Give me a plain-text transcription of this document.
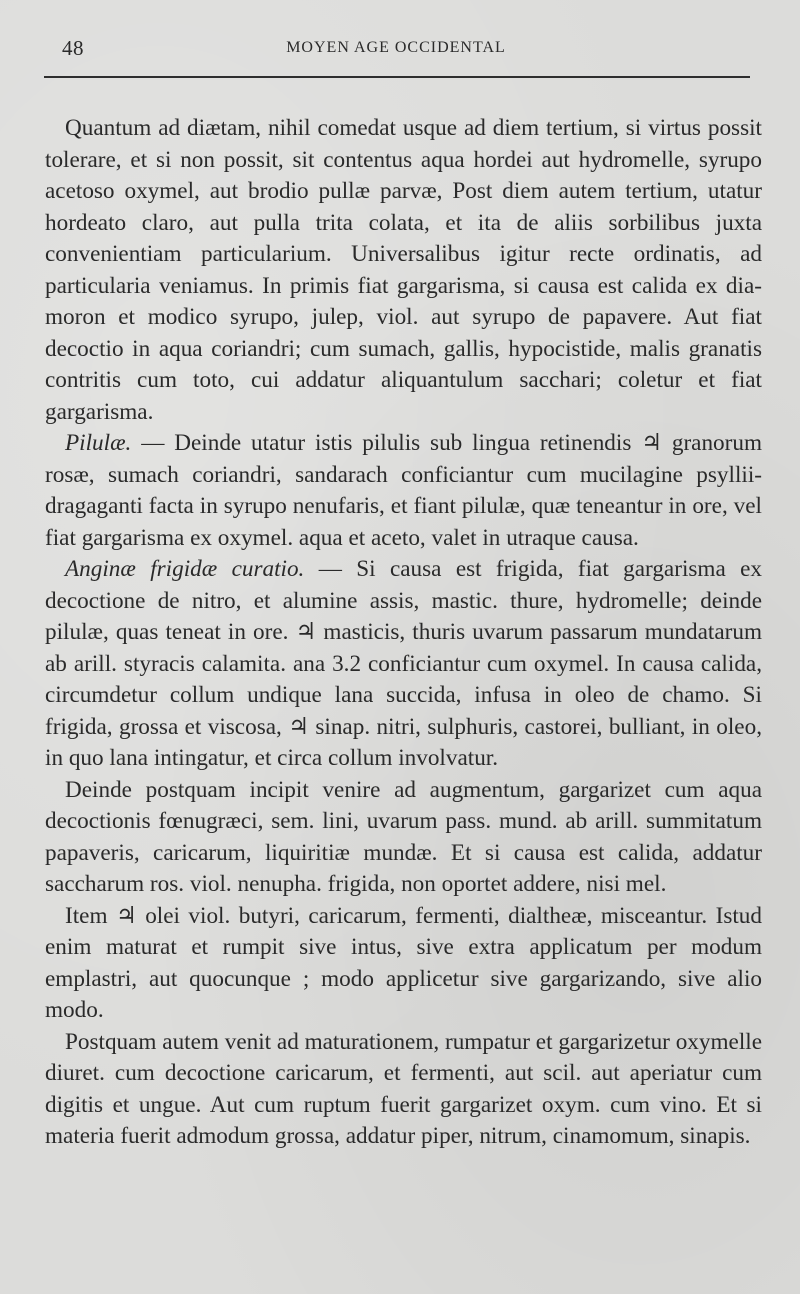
48	MOYEN AGE OCCIDENTAL

Quantum ad diætam, nihil comedat usque ad diem tertium, si virtus possit tolerare, et si non possit, sit contentus aqua hordei aut hydromelle, syrupo acetoso oxymel, aut brodio pullæ parvæ, Post diem autem tertium, utatur hordeato claro, aut pulla trita colata, et ita de aliis sorbilibus juxta convenientiam particularium. Universalibus igitur recte ordinatis, ad particularia veniamus. In primis fiat gargarisma, si causa est calida ex diamoron et modico syrupo, julep, viol. aut syrupo de papavere. Aut fiat decoctio in aqua coriandri; cum sumach, gallis, hypocistide, malis granatis contritis cum toto, cui addatur aliquantulum sacchari; coletur et fiat gargarisma.

Pilulæ. — Deinde utatur istis pilulis sub lingua retinendis ♃ granorum rosæ, sumach coriandri, sandarach conficiantur cum mucilagine psyllii-dragaganti facta in syrupo nenufaris, et fiant pilulæ, quæ teneantur in ore, vel fiat gargarisma ex oxymel. aqua et aceto, valet in utraque causa.

Anginæ frigidæ curatio. — Si causa est frigida, fiat gargarisma ex decoctione de nitro, et alumine assis, mastic. thure, hydromelle; deinde pilulæ, quas teneat in ore. ♃ masticis, thuris uvarum passarum mundatarum ab arill. styracis calamita. ana 3.2 conficiantur cum oxymel. In causa calida, circumdetur collum undique lana succida, infusa in oleo de chamo. Si frigida, grossa et viscosa, ♃ sinap. nitri, sulphuris, castorei, bulliant, in oleo, in quo lana intingatur, et circa collum involvatur.

Deinde postquam incipit venire ad augmentum, gargarizet cum aqua decoctionis fœnugræci, sem. lini, uvarum pass. mund. ab arill. summitatum papaveris, caricarum, liquiritiæ mundæ. Et si causa est calida, addatur saccharum ros. viol. nenupha. frigida, non oportet addere, nisi mel.

Item ♃ olei viol. butyri, caricarum, fermenti, dialtheæ, misceantur. Istud enim maturat et rumpit sive intus, sive extra applicatum per modum emplastri, aut quocunque ; modo applicetur sive gargarizando, sive alio modo.

Postquam autem venit ad maturationem, rumpatur et gargarizetur oxymelle diuret. cum decoctione caricarum, et fermenti, aut scil. aut aperiatur cum digitis et ungue. Aut cum ruptum fuerit gargarizet oxym. cum vino. Et si materia fuerit admodum grossa, addatur piper, nitrum, cinamomum, sinapis.
